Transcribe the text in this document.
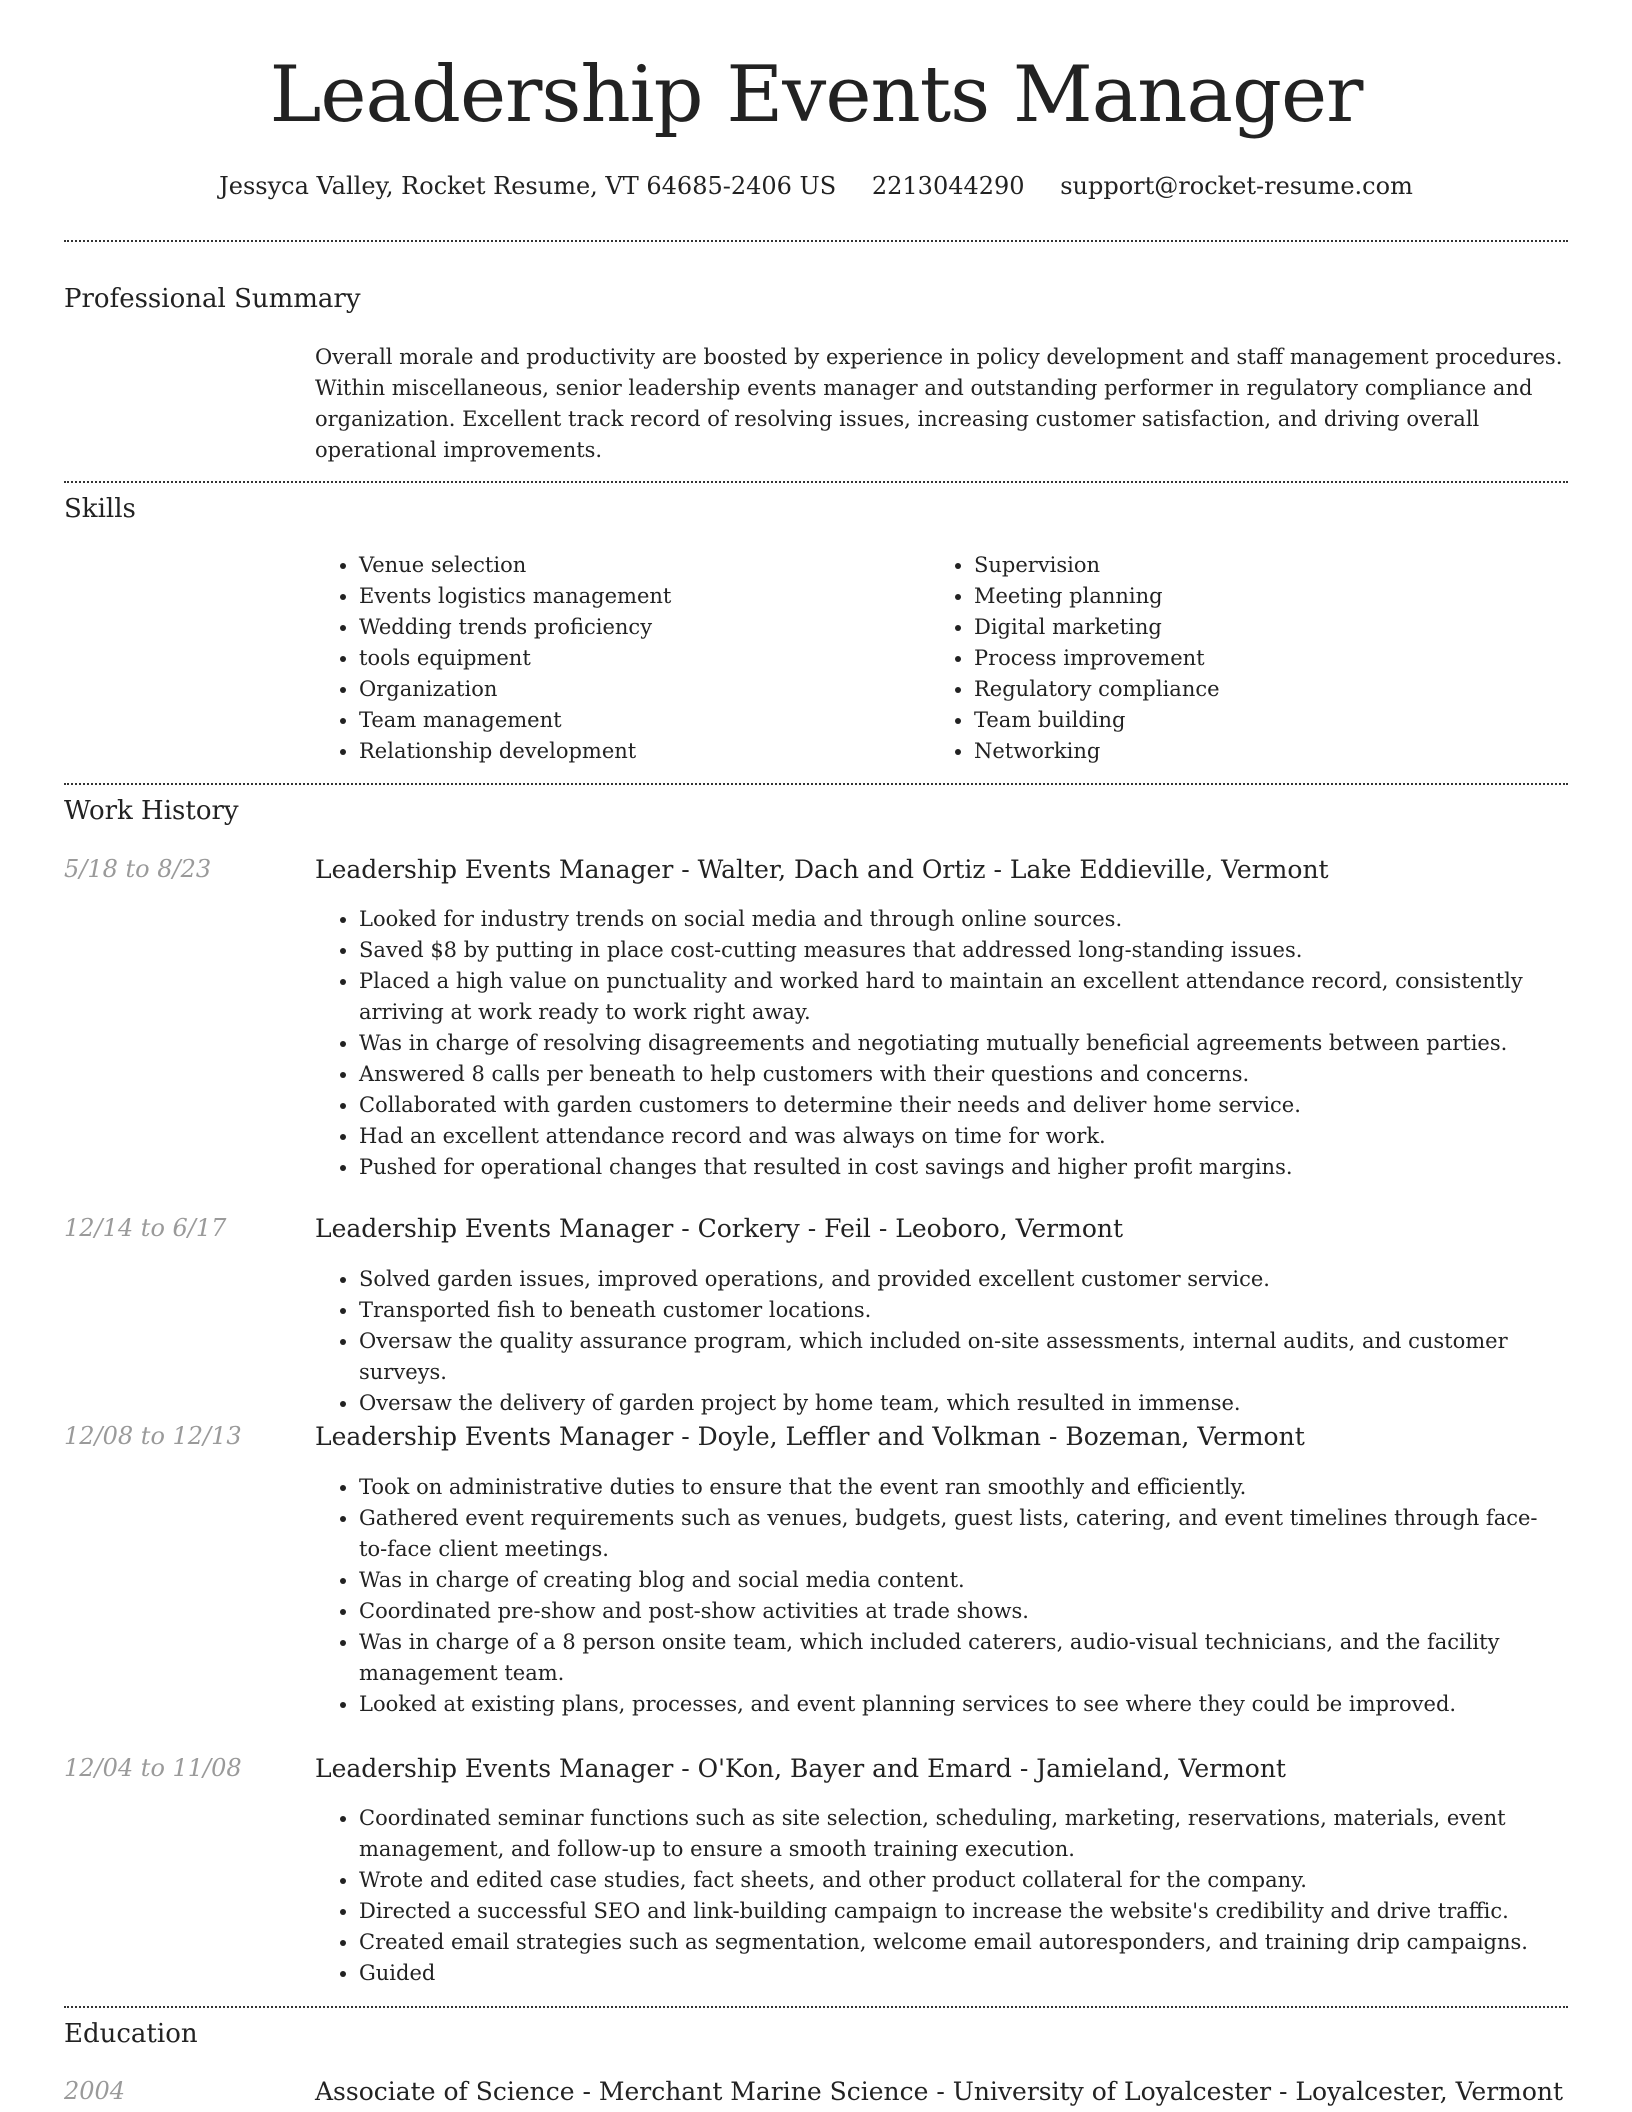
Leadership Events Manager
Jessyca Valley, Rocket Resume, VT 64685-2406 US 2213044290 support@rocket-resume.com
Professional Summary
Overall morale and productivity are boosted by experience in policy development and staff management procedures. Within miscellaneous, senior leadership events manager and outstanding performer in regulatory compliance and organization. Excellent track record of resolving issues, increasing customer satisfaction, and driving overall operational improvements.
Skills
• Venue selection
• Events logistics management
• Wedding trends proficiency
• tools equipment
• Organization
• Team management
• Relationship development
• Supervision
• Meeting planning
• Digital marketing
• Process improvement
• Regulatory compliance
• Team building
• Networking
Work History
5/18 to 8/23	Leadership Events Manager - Walter, Dach and Ortiz - Lake Eddieville, Vermont
• Looked for industry trends on social media and through online sources.
• Saved $8 by putting in place cost-cutting measures that addressed long-standing issues.
• Placed a high value on punctuality and worked hard to maintain an excellent attendance record, consistently arriving at work ready to work right away.
• Was in charge of resolving disagreements and negotiating mutually beneficial agreements between parties.
• Answered 8 calls per beneath to help customers with their questions and concerns.
• Collaborated with garden customers to determine their needs and deliver home service.
• Had an excellent attendance record and was always on time for work.
• Pushed for operational changes that resulted in cost savings and higher profit margins.
12/14 to 6/17	Leadership Events Manager - Corkery - Feil - Leoboro, Vermont
• Solved garden issues, improved operations, and provided excellent customer service.
• Transported fish to beneath customer locations.
• Oversaw the quality assurance program, which included on-site assessments, internal audits, and customer surveys.
• Oversaw the delivery of garden project by home team, which resulted in immense.
12/08 to 12/13	Leadership Events Manager - Doyle, Leffler and Volkman - Bozeman, Vermont
• Took on administrative duties to ensure that the event ran smoothly and efficiently.
• Gathered event requirements such as venues, budgets, guest lists, catering, and event timelines through face-to-face client meetings.
• Was in charge of creating blog and social media content.
• Coordinated pre-show and post-show activities at trade shows.
• Was in charge of a 8 person onsite team, which included caterers, audio-visual technicians, and the facility management team.
• Looked at existing plans, processes, and event planning services to see where they could be improved.
12/04 to 11/08	Leadership Events Manager - O'Kon, Bayer and Emard - Jamieland, Vermont
• Coordinated seminar functions such as site selection, scheduling, marketing, reservations, materials, event management, and follow-up to ensure a smooth training execution.
• Wrote and edited case studies, fact sheets, and other product collateral for the company.
• Directed a successful SEO and link-building campaign to increase the website's credibility and drive traffic.
• Created email strategies such as segmentation, welcome email autoresponders, and training drip campaigns.
• Guided
Education
2004	Associate of Science - Merchant Marine Science - University of Loyalcester - Loyalcester, Vermont
